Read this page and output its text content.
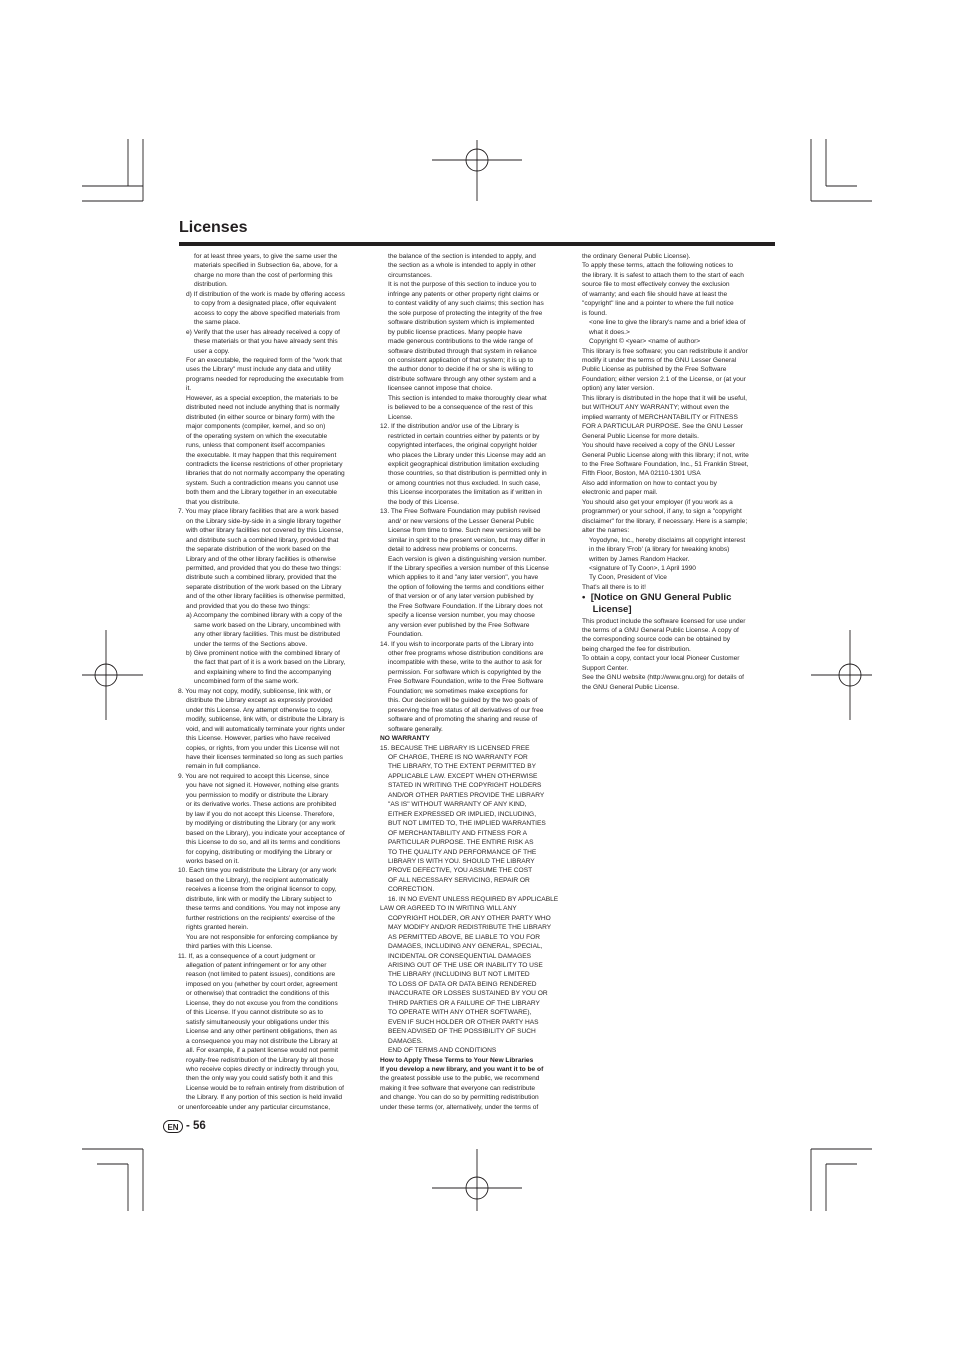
Licenses
for at least three years, to give the same user the
materials specified in Subsection 6a, above, for a
charge no more than the cost of performing this
distribution.
d) If distribution of the work is made by offering access
to copy from a designated place, offer equivalent
access to copy the above specified materials from
the same place.
e) Verify that the user has already received a copy of
these materials or that you have already sent this
user a copy.
For an executable, the required form of the "work that
uses the Library" must include any data and utility
programs needed for reproducing the executable from
it.
However, as a special exception, the materials to be
distributed need not include anything that is normally
distributed (in either source or binary form) with the
major components (compiler, kernel, and so on)
of the operating system on which the executable
runs, unless that component itself accompanies
the executable. It may happen that this requirement
contradicts the license restrictions of other proprietary
libraries that do not normally accompany the operating
system. Such a contradiction means you cannot use
both them and the Library together in an executable
that you distribute.
7. You may place library facilities that are a work based
on the Library side-by-side in a single library together
with other library facilities not covered by this License,
and distribute such a combined library, provided that
the separate distribution of the work based on the
Library and of the other library facilities is otherwise
permitted, and provided that you do these two things:
distribute such a combined library, provided that the
separate distribution of the work based on the Library
and of the other library facilities is otherwise permitted,
and provided that you do these two things:
a) Accompany the combined library with a copy of the
same work based on the Library, uncombined with
any other library facilities. This must be distributed
under the terms of the Sections above.
b) Give prominent notice with the combined library of
the fact that part of it is a work based on the Library,
and explaining where to find the accompanying
uncombined form of the same work.
8. You may not copy, modify, sublicense, link with, or
distribute the Library except as expressly provided
under this License. Any attempt otherwise to copy,
modify, sublicense, link with, or distribute the Library is
void, and will automatically terminate your rights under
this License. However, parties who have received
copies, or rights, from you under this License will not
have their licenses terminated so long as such parties
remain in full compliance.
9. You are not required to accept this License, since
you have not signed it. However, nothing else grants
you permission to modify or distribute the Library
or its derivative works. These actions are prohibited
by law if you do not accept this License. Therefore,
by modifying or distributing the Library (or any work
based on the Library), you indicate your acceptance of
this License to do so, and all its terms and conditions
for copying, distributing or modifying the Library or
works based on it.
10. Each time you redistribute the Library (or any work
based on the Library), the recipient automatically
receives a license from the original licensor to copy,
distribute, link with or modify the Library subject to
these terms and conditions. You may not impose any
further restrictions on the recipients' exercise of the
rights granted herein.
You are not responsible for enforcing compliance by
third parties with this License.
11. If, as a consequence of a court judgment or
allegation of patent infringement or for any other
reason (not limited to patent issues), conditions are
imposed on you (whether by court order, agreement
or otherwise) that contradict the conditions of this
License, they do not excuse you from the conditions
of this License. If you cannot distribute so as to
satisfy simultaneously your obligations under this
License and any other pertinent obligations, then as
a consequence you may not distribute the Library at
all. For example, if a patent license would not permit
royalty-free redistribution of the Library by all those
who receive copies directly or indirectly through you,
then the only way you could satisfy both it and this
License would be to refrain entirely from distribution of
the Library. If any portion of this section is held invalid
or unenforceable under any particular circumstance,
the balance of the section is intended to apply, and
the section as a whole is intended to apply in other
circumstances.
It is not the purpose of this section to induce you to
infringe any patents or other property right claims or
to contest validity of any such claims; this section has
the sole purpose of protecting the integrity of the free
software distribution system which is implemented
by public license practices. Many people have
made generous contributions to the wide range of
software distributed through that system in reliance
on consistent application of that system; it is up to
the author donor to decide if he or she is willing to
distribute software through any other system and a
licensee cannot impose that choice.
This section is intended to make thoroughly clear what
is believed to be a consequence of the rest of this
License.
12. If the distribution and/or use of the Library is
restricted in certain countries either by patents or by
copyrighted interfaces, the original copyright holder
who places the Library under this License may add an
explicit geographical distribution limitation excluding
those countries, so that distribution is permitted only in
or among countries not thus excluded. In such case,
this License incorporates the limitation as if written in
the body of this License.
13. The Free Software Foundation may publish revised
and/ or new versions of the Lesser General Public
License from time to time. Such new versions will be
similar in spirit to the present version, but may differ in
detail to address new problems or concerns.
Each version is given a distinguishing version number.
If the Library specifies a version number of this License
which applies to it and "any later version", you have
the option of following the terms and conditions either
of that version or of any later version published by
the Free Software Foundation. If the Library does not
specify a license version number, you may choose
any version ever published by the Free Software
Foundation.
14. If you wish to incorporate parts of the Library into
other free programs whose distribution conditions are
incompatible with these, write to the author to ask for
permission. For software which is copyrighted by the
Free Software Foundation, write to the Free Software
Foundation; we sometimes make exceptions for
this. Our decision will be guided by the two goals of
preserving the free status of all derivatives of our free
software and of promoting the sharing and reuse of
software generally.
NO WARRANTY
15. BECAUSE THE LIBRARY IS LICENSED FREE
OF CHARGE, THERE IS NO WARRANTY FOR
THE LIBRARY, TO THE EXTENT PERMITTED BY
APPLICABLE LAW. EXCEPT WHEN OTHERWISE
STATED IN WRITING THE COPYRIGHT HOLDERS
AND/OR OTHER PARTIES PROVIDE THE LIBRARY
"AS IS" WITHOUT WARRANTY OF ANY KIND,
EITHER EXPRESSED OR IMPLIED, INCLUDING,
BUT NOT LIMITED TO, THE IMPLIED WARRANTIES
OF MERCHANTABILITY AND FITNESS FOR A
PARTICULAR PURPOSE. THE ENTIRE RISK AS
TO THE QUALITY AND PERFORMANCE OF THE
LIBRARY IS WITH YOU. SHOULD THE LIBRARY
PROVE DEFECTIVE, YOU ASSUME THE COST
OF ALL NECESSARY SERVICING, REPAIR OR
CORRECTION.
16. IN NO EVENT UNLESS REQUIRED BY APPLICABLE
LAW OR AGREED TO IN WRITING WILL ANY
COPYRIGHT HOLDER, OR ANY OTHER PARTY WHO
MAY MODIFY AND/OR REDISTRIBUTE THE LIBRARY
AS PERMITTED ABOVE, BE LIABLE TO YOU FOR
DAMAGES, INCLUDING ANY GENERAL, SPECIAL,
INCIDENTAL OR CONSEQUENTIAL DAMAGES
ARISING OUT OF THE USE OR INABILITY TO USE
THE LIBRARY (INCLUDING BUT NOT LIMITED
TO LOSS OF DATA OR DATA BEING RENDERED
INACCURATE OR LOSSES SUSTAINED BY YOU OR
THIRD PARTIES OR A FAILURE OF THE LIBRARY
TO OPERATE WITH ANY OTHER SOFTWARE),
EVEN IF SUCH HOLDER OR OTHER PARTY HAS
BEEN ADVISED OF THE POSSIBILITY OF SUCH
DAMAGES.
END OF TERMS AND CONDITIONS
How to Apply These Terms to Your New Libraries
If you develop a new library, and you want it to be of
the greatest possible use to the public, we recommend
making it free software that everyone can redistribute
and change. You can do so by permitting redistribution
under these terms (or, alternatively, under the terms of
the ordinary General Public License).
To apply these terms, attach the following notices to
the library. It is safest to attach them to the start of each
source file to most effectively convey the exclusion
of warranty; and each file should have at least the
"copyright" line and a pointer to where the full notice
is found.
<one line to give the library's name and a brief idea of
what it does.>
Copyright © <year> <name of author>
This library is free software; you can redistribute it and/or
modify it under the terms of the GNU Lesser General
Public License as published by the Free Software
Foundation; either version 2.1 of the License, or (at your
option) any later version.
This library is distributed in the hope that it will be useful,
but WITHOUT ANY WARRANTY; without even the
implied warranty of MERCHANTABILITY or FITNESS
FOR A PARTICULAR PURPOSE. See the GNU Lesser
General Public License for more details.
You should have received a copy of the GNU Lesser
General Public License along with this library; if not, write
to the Free Software Foundation, Inc., 51 Franklin Street,
Fifth Floor, Boston, MA 02110-1301 USA
Also add information on how to contact you by
electronic and paper mail.
You should also get your employer (if you work as a
programmer) or your school, if any, to sign a "copyright
disclaimer" for the library, if necessary. Here is a sample;
alter the names:
Yoyodyne, Inc., hereby disclaims all copyright interest
in the library 'Frob' (a library for tweaking knobs)
written by James Random Hacker.
<signature of Ty Coon>, 1 April 1990
Ty Coon, President of Vice
That's all there is to it!
•  [Notice on GNU General Public
License]
This product include the software licensed for use under
the terms of a GNU General Public License. A copy of
the corresponding source code can be obtained by
being charged the fee for distribution.
To obtain a copy, contact your local Pioneer Customer
Support Center.
See the GNU website (http://www.gnu.org) for details of
the GNU General Public License.
EN - 56
